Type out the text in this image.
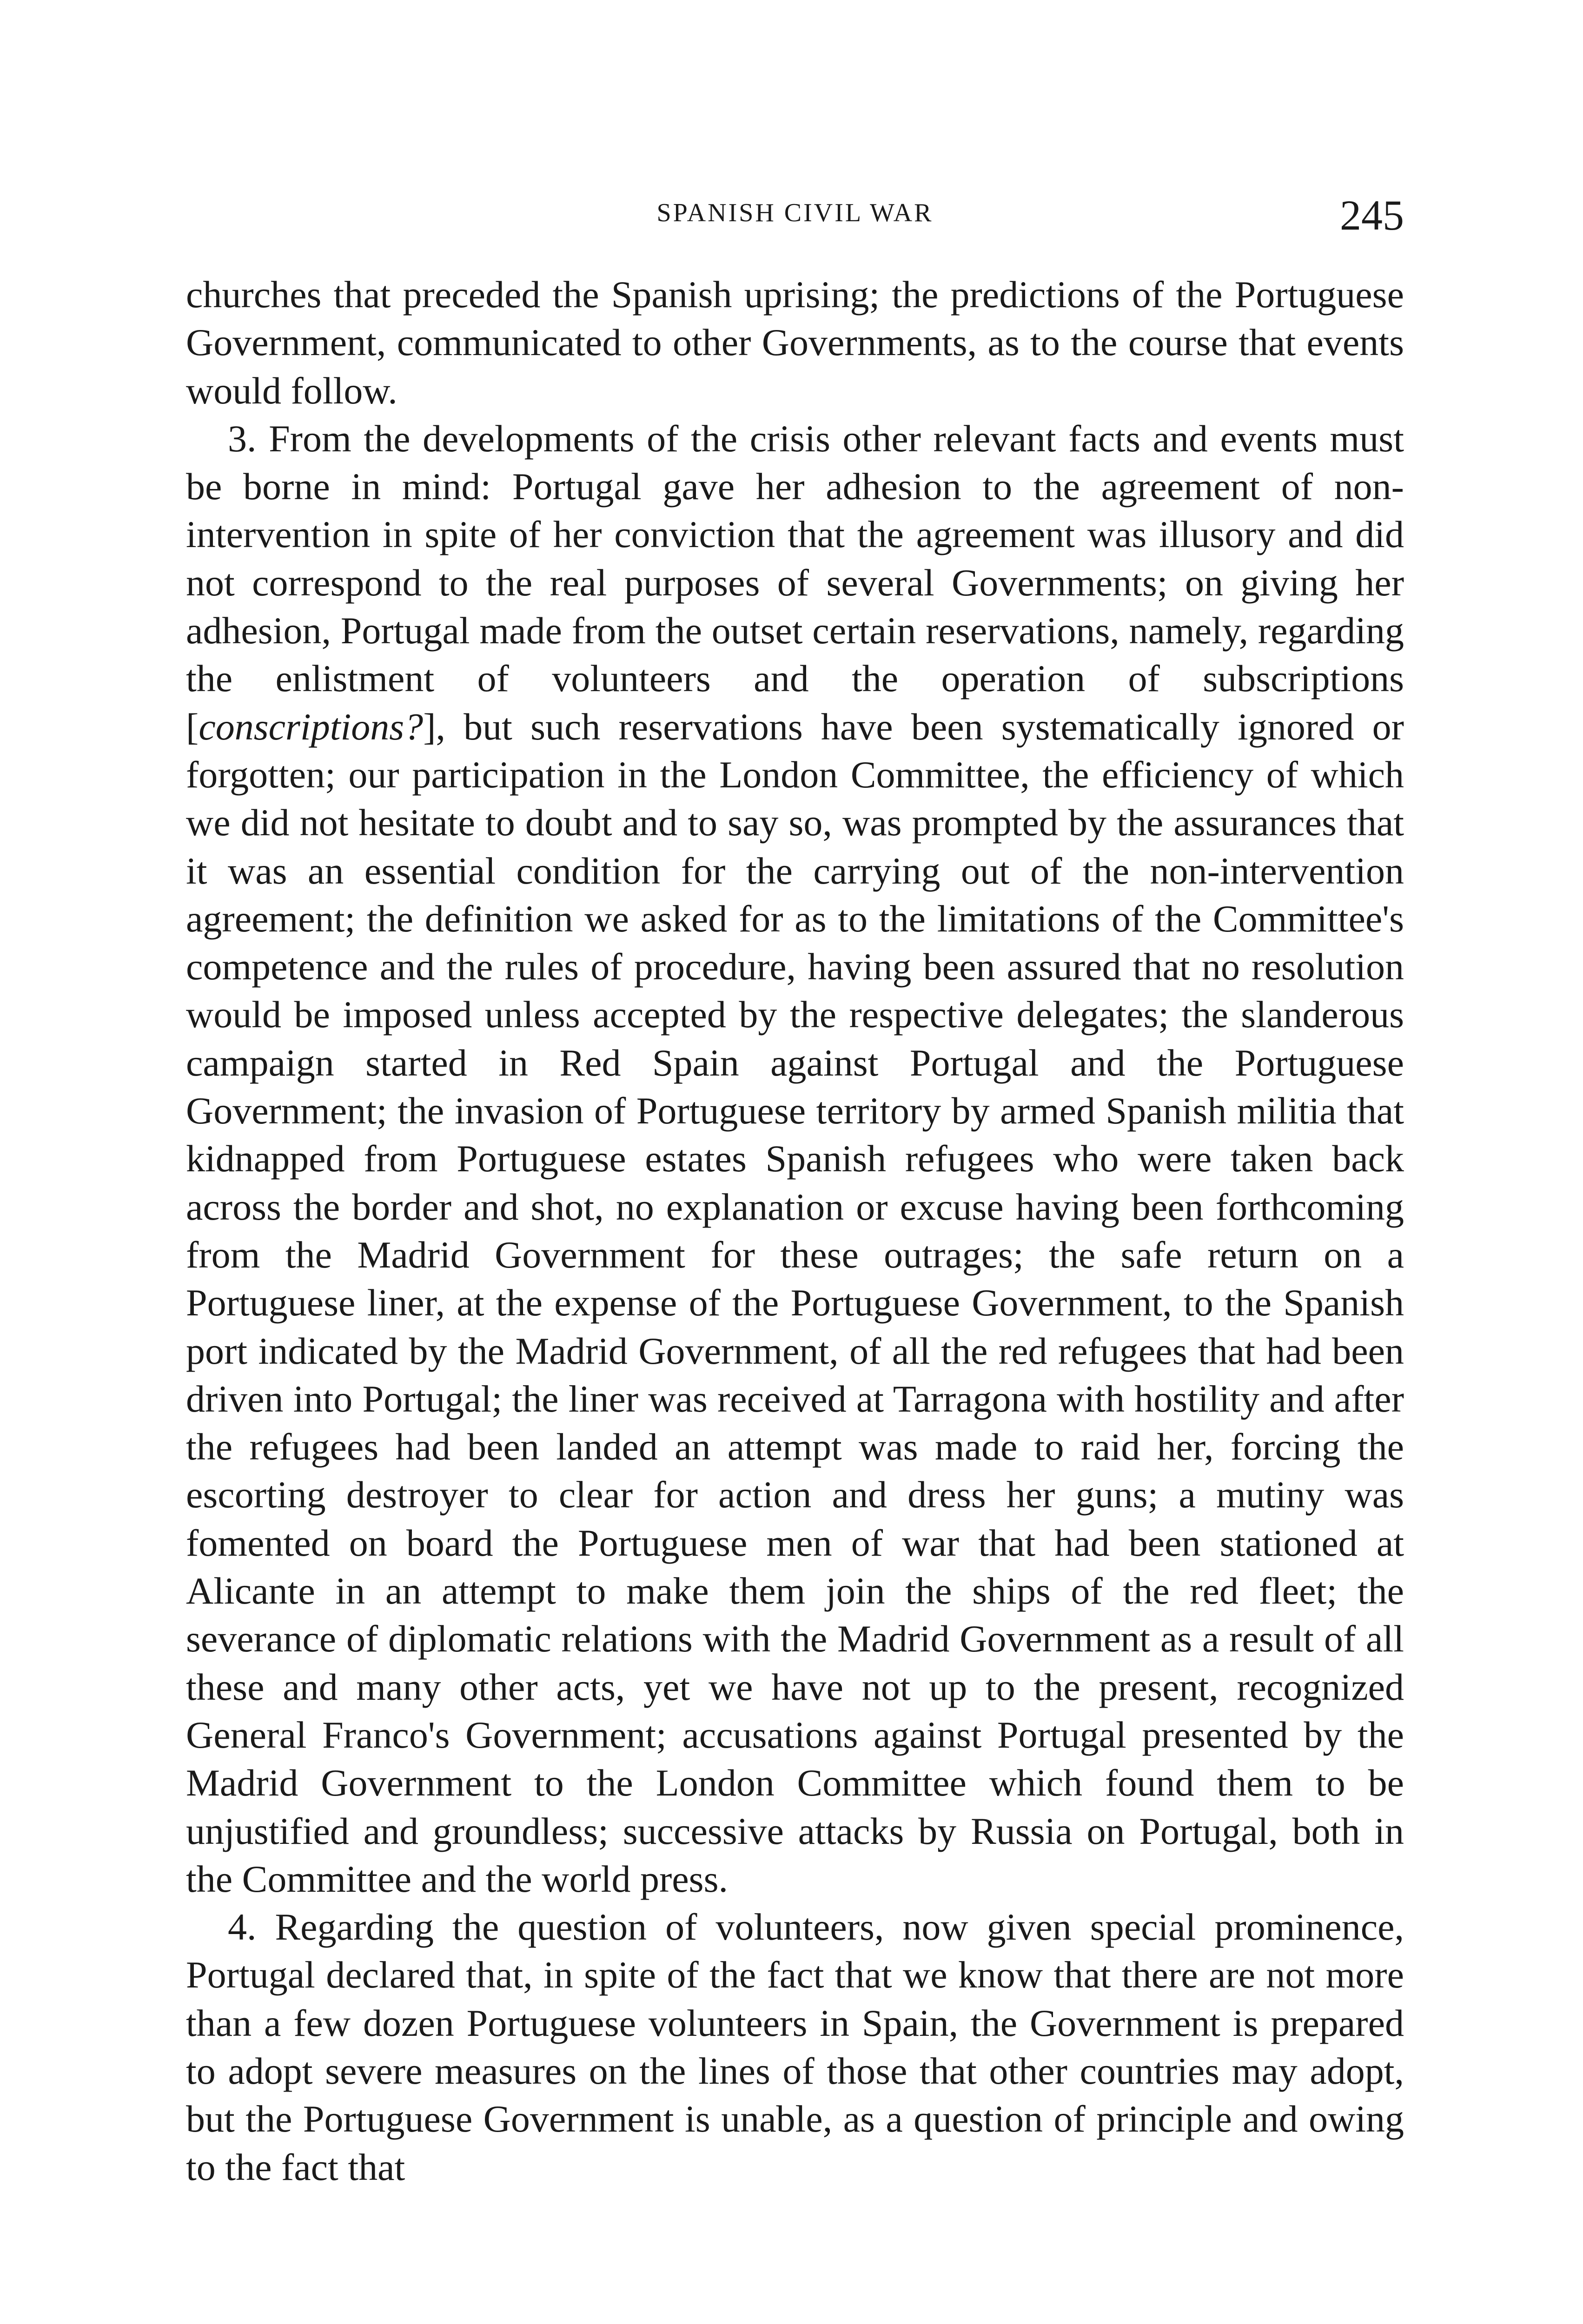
SPANISH CIVIL WAR	245

churches that preceded the Spanish uprising; the predictions of the Portuguese Government, communicated to other Governments, as to the course that events would follow.

3. From the developments of the crisis other relevant facts and events must be borne in mind: Portugal gave her adhesion to the agreement of non-intervention in spite of her conviction that the agreement was illusory and did not correspond to the real purposes of several Governments; on giving her adhesion, Portugal made from the outset certain reservations, namely, regarding the enlistment of volunteers and the operation of subscriptions [conscriptions?], but such reservations have been systematically ignored or forgotten; our participation in the London Committee, the efficiency of which we did not hesitate to doubt and to say so, was prompted by the assurances that it was an essential condition for the carrying out of the non-intervention agreement; the definition we asked for as to the limitations of the Committee's competence and the rules of procedure, having been assured that no resolution would be imposed unless accepted by the respective delegates; the slanderous campaign started in Red Spain against Portugal and the Portuguese Government; the invasion of Portuguese territory by armed Spanish militia that kidnapped from Portuguese estates Spanish refugees who were taken back across the border and shot, no explanation or excuse having been forthcoming from the Madrid Government for these outrages; the safe return on a Portuguese liner, at the expense of the Portuguese Government, to the Spanish port indicated by the Madrid Government, of all the red refugees that had been driven into Portugal; the liner was received at Tarragona with hostility and after the refugees had been landed an attempt was made to raid her, forcing the escorting destroyer to clear for action and dress her guns; a mutiny was fomented on board the Portuguese men of war that had been stationed at Alicante in an attempt to make them join the ships of the red fleet; the severance of diplomatic relations with the Madrid Government as a result of all these and many other acts, yet we have not up to the present, recognized General Franco's Government; accusations against Portugal presented by the Madrid Government to the London Committee which found them to be unjustified and groundless; successive attacks by Russia on Portugal, both in the Committee and the world press.

4. Regarding the question of volunteers, now given special prominence, Portugal declared that, in spite of the fact that we know that there are not more than a few dozen Portuguese volunteers in Spain, the Government is prepared to adopt severe measures on the lines of those that other countries may adopt, but the Portuguese Government is unable, as a question of principle and owing to the fact that
